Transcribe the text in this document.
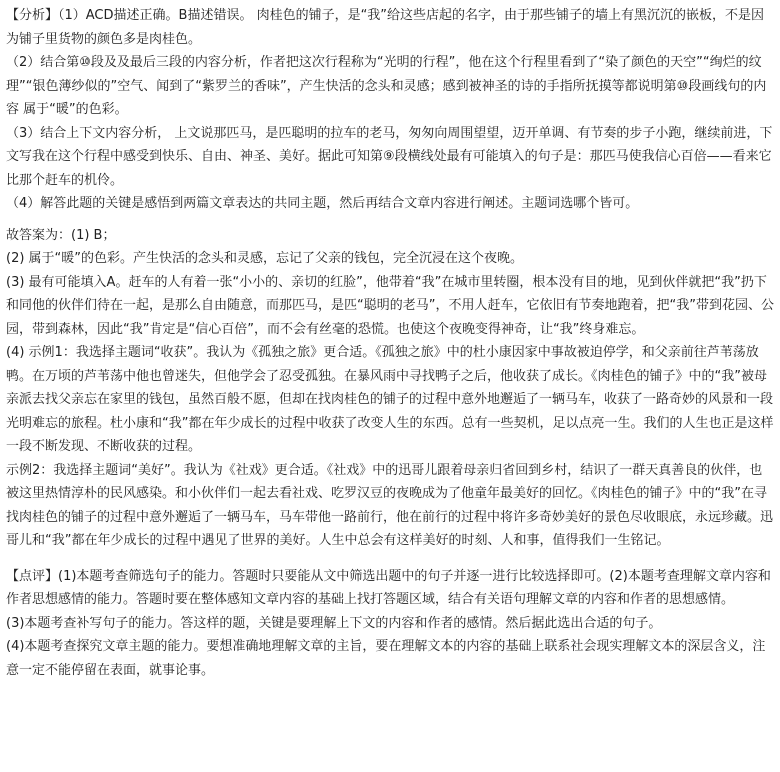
【分析】（1）ACD描述正确。B描述错误。 肉桂色的铺子，是“我”给这些店起的名字，由于那些铺子的墙上有黑沉沉的嵌板，不是因为铺子里货物的颜色多是肉桂色。

（2）结合第⑩段及及最后三段的内容分析，作者把这次行程称为“光明的行程”，他在这个行程里看到了“染了颜色的天空”“绚烂的纹理”“银色薄纱似的”空气、闻到了“紫罗兰的香味”，产生快活的念头和灵感；感到被神圣的诗的手指所抚摸等都说明第⑩段画线句的内容 属于“暖”的色彩。

（3）结合上下文内容分析， 上文说那匹马，是匹聪明的拉车的老马，匆匆向周围望望，迈开单调、有节奏的步子小跑，继续前进，下文写我在这个行程中感受到快乐、自由、神圣、美好。据此可知第⑨段横线处最有可能填入的句子是：那匹马使我信心百倍——看来它比那个赶车的机伶。

（4）解答此题的关键是感悟到两篇文章表达的共同主题，然后再结合文章内容进行阐述。主题词选哪个皆可。

故答案为：(1) B；

(2) 属于“暖”的色彩。产生快活的念头和灵感，忘记了父亲的钱包，完全沉浸在这个夜晚。

(3) 最有可能填入A。赶车的人有着一张“小小的、亲切的红脸”，他带着“我”在城市里转圈，根本没有目的地，见到伙伴就把“我”扔下和同他的伙伴们待在一起，是那么自由随意，而那匹马，是匹“聪明的老马”，不用人赶车，它依旧有节奏地跑着，把“我”带到花园、公园，带到森林，因此“我”肯定是“信心百倍”，而不会有丝毫的恐慌。也使这个夜晚变得神奇，让“我”终身难忘。

(4) 示例1：我选择主题词“收获”。我认为《孤独之旅》更合适。《孤独之旅》中的杜小康因家中事故被迫停学，和父亲前往芦苇荡放鸭。在万顷的芦苇荡中他也曾迷失，但他学会了忍受孤独。在暴风雨中寻找鸭子之后，他收获了成长。《肉桂色的铺子》中的“我”被母亲派去找父亲忘在家里的钱包，虽然百般不愿，但却在找肉桂色的铺子的过程中意外地邂逅了一辆马车，收获了一路奇妙的风景和一段光明难忘的旅程。杜小康和“我”都在年少成长的过程中收获了改变人生的东西。总有一些契机，足以点亮一生。我们的人生也正是这样一段不断发现、不断收获的过程。

示例2：我选择主题词“美好”。我认为《社戏》更合适。《社戏》中的迅哥儿跟着母亲归省回到乡村，结识了一群天真善良的伙伴，也被这里热情淳朴的民风感染。和小伙伴们一起去看社戏、吃罗汉豆的夜晚成为了他童年最美好的回忆。《肉桂色的铺子》中的“我”在寻找肉桂色的铺子的过程中意外邂逅了一辆马车，马车带他一路前行，他在前行的过程中将许多奇妙美好的景色尽收眼底，永远珍藏。迅哥儿和“我”都在年少成长的过程中遇见了世界的美好。人生中总会有这样美好的时刻、人和事，值得我们一生铭记。

【点评】(1)本题考查筛选句子的能力。答题时只要能从文中筛选出题中的句子并逐一进行比较选择即可。(2)本题考查理解文章内容和作者思想感情的能力。答题时要在整体感知文章内容的基础上找打答题区域，结合有关语句理解文章的内容和作者的思想感情。

(3)本题考查补写句子的能力。答这样的题，关键是要理解上下文的内容和作者的感情。然后据此选出合适的句子。

(4)本题考查探究文章主题的能力。要想准确地理解文章的主旨，要在理解文本的内容的基础上联系社会现实理解文本的深层含义，注意一定不能停留在表面，就事论事。
